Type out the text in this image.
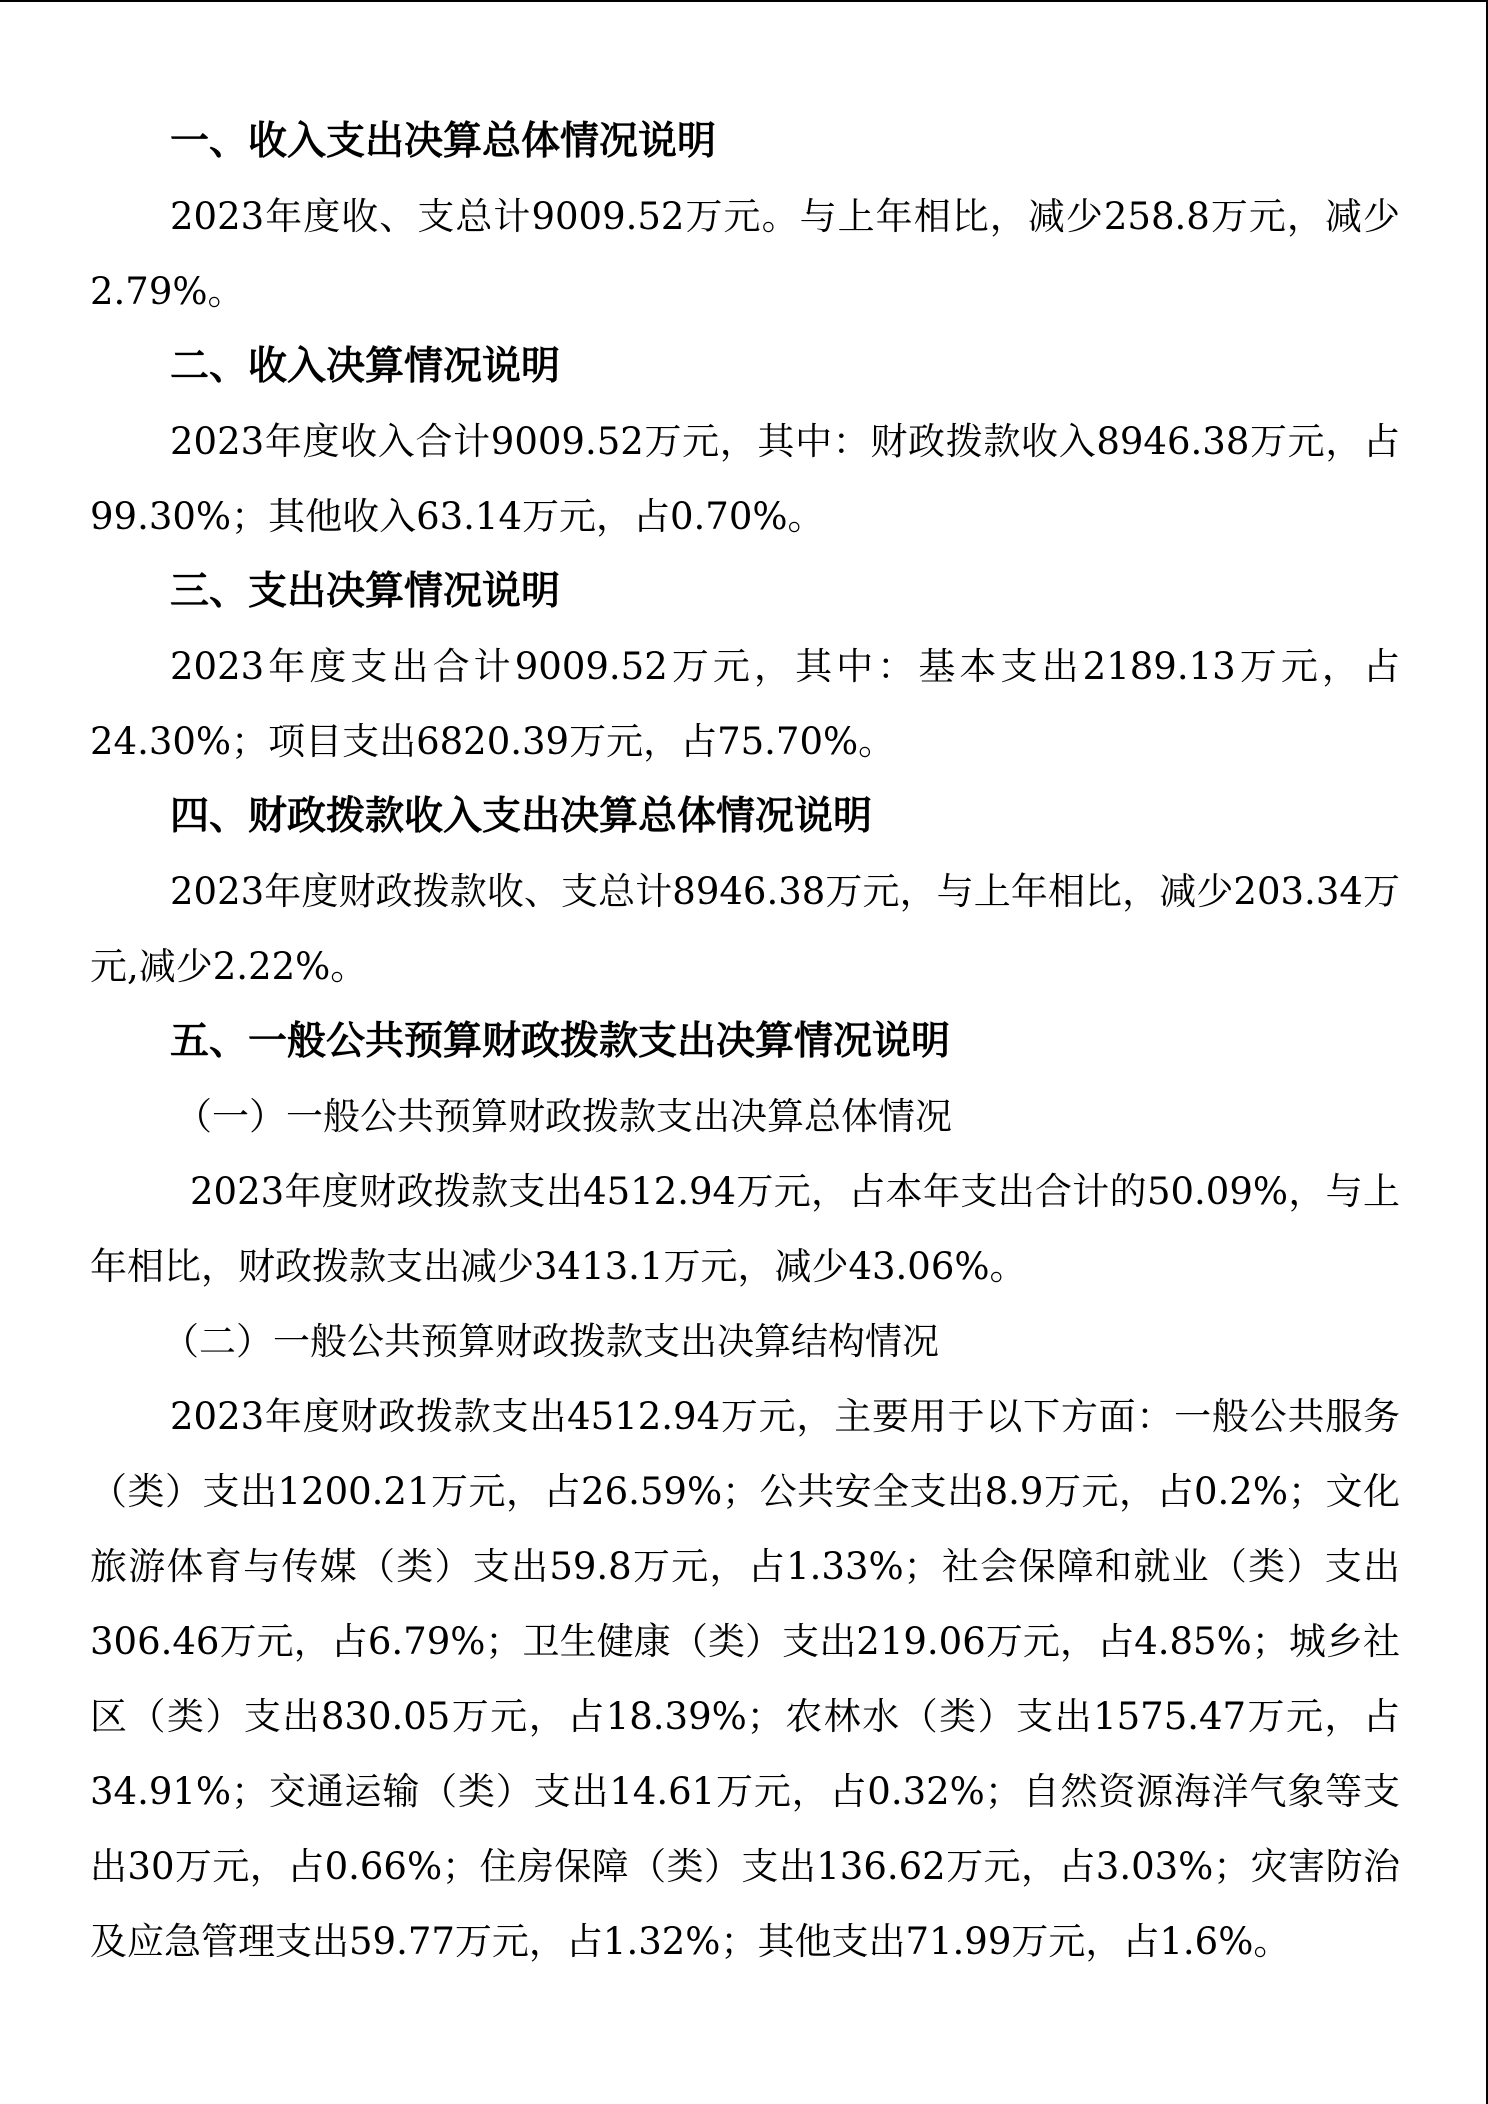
一、收入支出决算总体情况说明
2023年度收、支总计9009.52万元。与上年相比，减少258.8万元，减少2.79%。
二、收入决算情况说明
2023年度收入合计9009.52万元，其中：财政拨款收入8946.38万元，占99.30%；其他收入63.14万元，占0.70%。
三、支出决算情况说明
2023年度支出合计9009.52万元，其中：基本支出2189.13万元，占24.30%；项目支出6820.39万元，占75.70%。
四、财政拨款收入支出决算总体情况说明
2023年度财政拨款收、支总计8946.38万元，与上年相比，减少203.34万元,减少2.22%。
五、一般公共预算财政拨款支出决算情况说明
（一）一般公共预算财政拨款支出决算总体情况
2023年度财政拨款支出4512.94万元，占本年支出合计的50.09%，与上年相比，财政拨款支出减少3413.1万元，减少43.06%。
（二）一般公共预算财政拨款支出决算结构情况
2023年度财政拨款支出4512.94万元，主要用于以下方面：一般公共服务（类）支出1200.21万元，占26.59%；公共安全支出8.9万元，占0.2%；文化旅游体育与传媒（类）支出59.8万元，占1.33%；社会保障和就业（类）支出306.46万元，占6.79%；卫生健康（类）支出219.06万元，占4.85%；城乡社区（类）支出830.05万元，占18.39%；农林水（类）支出1575.47万元，占34.91%；交通运输（类）支出14.61万元，占0.32%；自然资源海洋气象等支出30万元，占0.66%；住房保障（类）支出136.62万元，占3.03%；灾害防治及应急管理支出59.77万元，占1.32%；其他支出71.99万元，占1.6%。
